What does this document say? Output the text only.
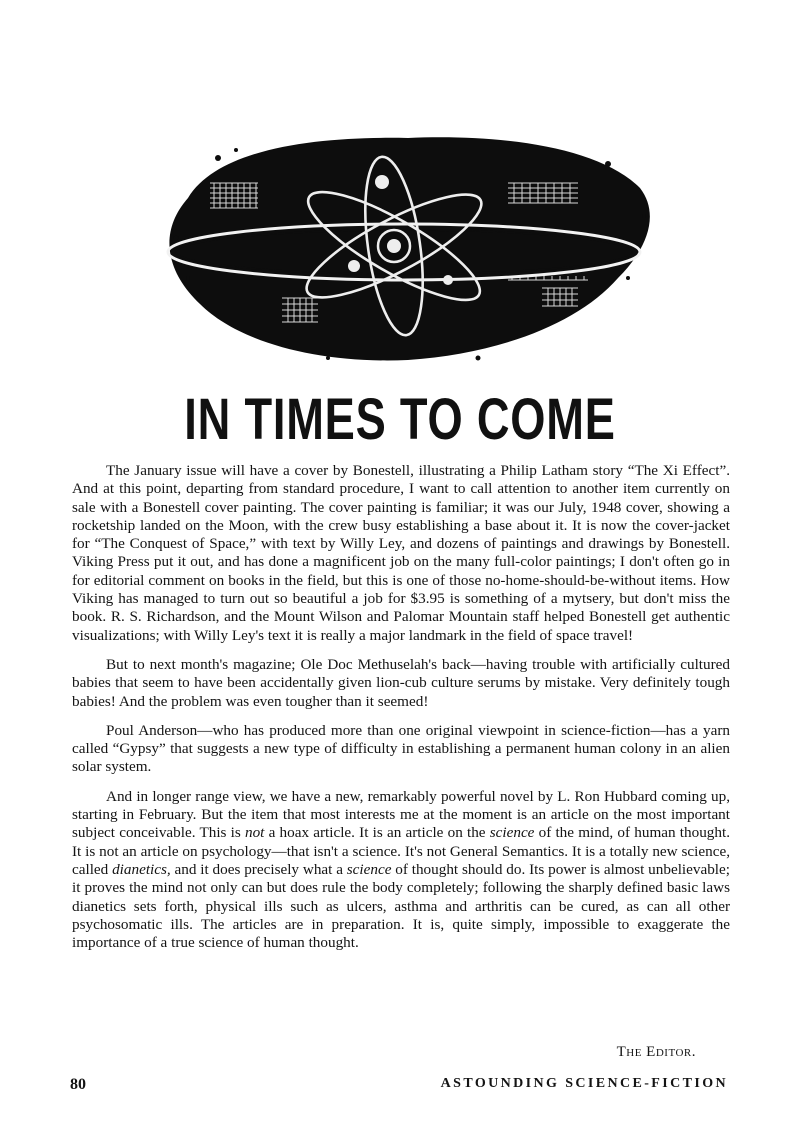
IN TIMES TO COME

The January issue will have a cover by Bonestell, illustrating a Philip Latham story “The Xi Effect”. And at this point, departing from standard procedure, I want to call attention to another item currently on sale with a Bonestell cover painting. The cover painting is familiar; it was our July, 1948 cover, showing a rocketship landed on the Moon, with the crew busy establishing a base about it. It is now the cover-jacket for “The Conquest of Space,” with text by Willy Ley, and dozens of paintings and drawings by Bonestell. Viking Press put it out, and has done a magnificent job on the many full-color paintings; I don't often go in for editorial comment on books in the field, but this is one of those no-home-should-be-without items. How Viking has managed to turn out so beautiful a job for $3.95 is something of a mytsery, but don't miss the book. R. S. Richardson, and the Mount Wilson and Palomar Mountain staff helped Bonestell get authentic visualizations; with Willy Ley's text it is really a major landmark in the field of space travel!

But to next month's magazine; Ole Doc Methuselah's back—having trouble with artificially cultured babies that seem to have been accidentally given lion-cub culture serums by mistake. Very definitely tough babies! And the problem was even tougher than it seemed!

Poul Anderson—who has produced more than one original viewpoint in science-fiction—has a yarn called “Gypsy” that suggests a new type of difficulty in establishing a permanent human colony in an alien solar system.

And in longer range view, we have a new, remarkably powerful novel by L. Ron Hubbard coming up, starting in February. But the item that most interests me at the moment is an article on the most important subject conceivable. This is not a hoax article. It is an article on the science of the mind, of human thought. It is not an article on psychology—that isn't a science. It's not General Semantics. It is a totally new science, called dianetics, and it does precisely what a science of thought should do. Its power is almost unbelievable; it proves the mind not only can but does rule the body completely; following the sharply defined basic laws dianetics sets forth, physical ills such as ulcers, asthma and arthritis can be cured, as can all other psychosomatic ills. The articles are in preparation. It is, quite simply, impossible to exaggerate the importance of a true science of human thought.

The Editor.
80	ASTOUNDING SCIENCE-FICTION
